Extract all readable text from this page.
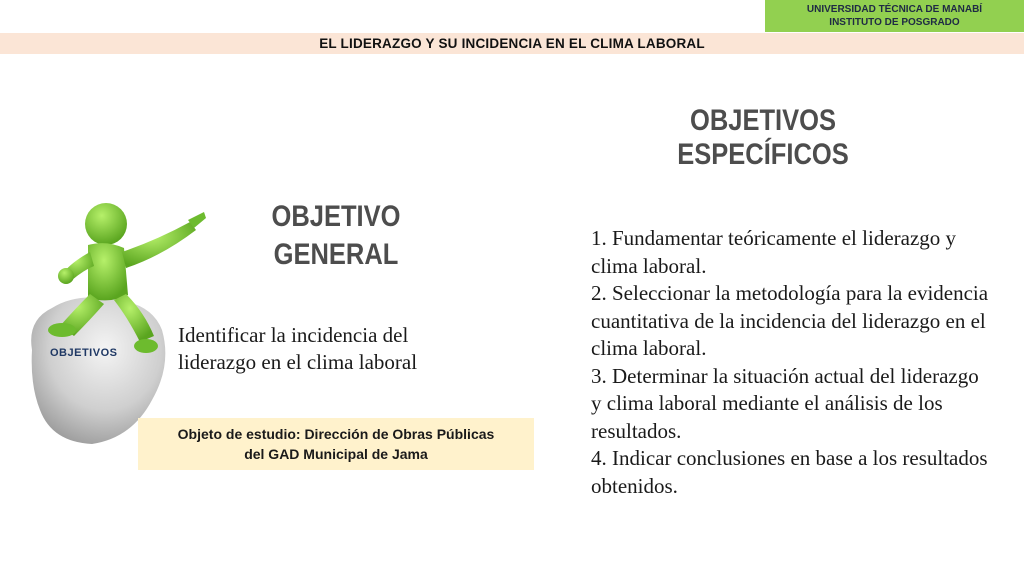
UNIVERSIDAD TÉCNICA DE MANABÍ
INSTITUTO DE POSGRADO
EL LIDERAZGO Y SU INCIDENCIA EN EL CLIMA LABORAL
OBJETIVOS
OBJETIVO
GENERAL
Identificar la incidencia del
liderazgo en el clima laboral
Objeto de estudio: Dirección de Obras Públicas
del GAD Municipal de Jama
OBJETIVOS
ESPECÍFICOS
1. Fundamentar teóricamente el liderazgo y clima laboral.
2. Seleccionar la metodología para la evidencia cuantitativa de la incidencia del liderazgo en el clima laboral.
3. Determinar la situación actual del liderazgo y clima laboral mediante el análisis de los resultados.
4. Indicar conclusiones en base a los resultados obtenidos.
